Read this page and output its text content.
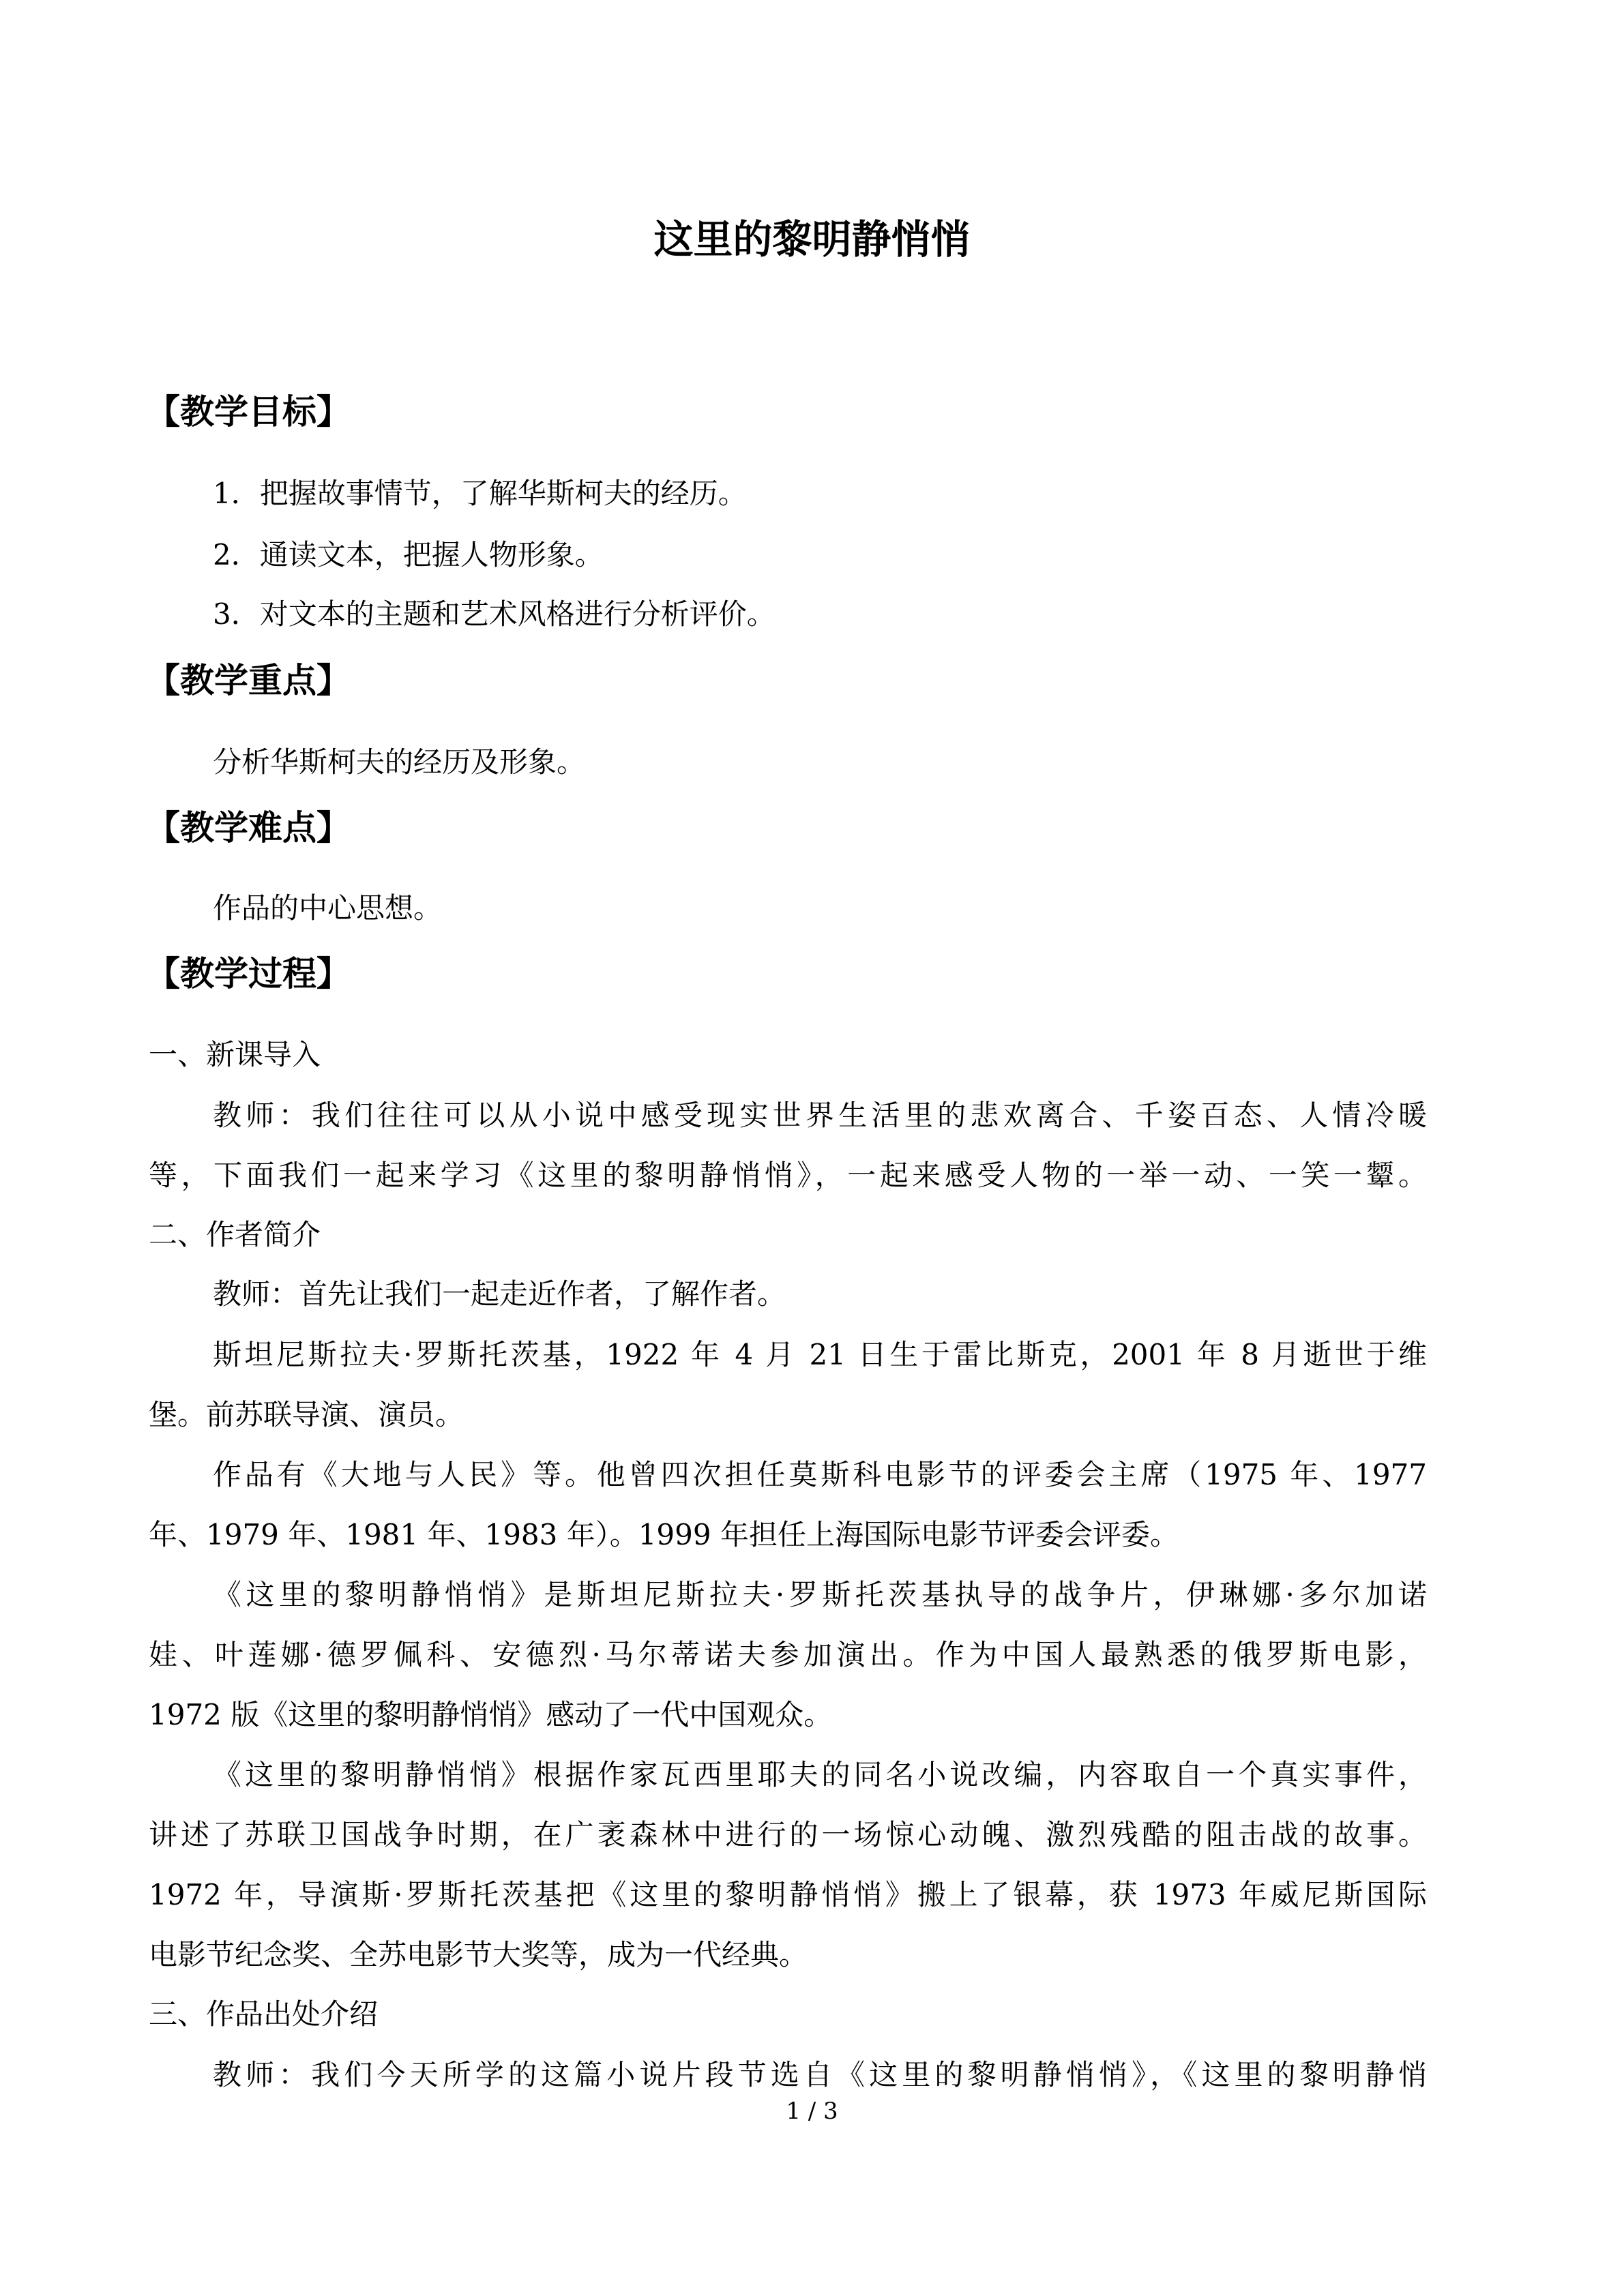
这里的黎明静悄悄
【教学目标】

1．把握故事情节，了解华斯柯夫的经历。

2．通读文本，把握人物形象。

3．对文本的主题和艺术风格进行分析评价。

【教学重点】

分析华斯柯夫的经历及形象。

【教学难点】

作品的中心思想。

【教学过程】

一、新课导入

教师：我们往往可以从小说中感受现实世界生活里的悲欢离合、千姿百态、人情冷暖

等，下面我们一起来学习《这里的黎明静悄悄》，一起来感受人物的一举一动、一笑一颦。

二、作者简介

教师：首先让我们一起走近作者，了解作者。

斯坦尼斯拉夫·罗斯托茨基，1922 年 4 月 21 日生于雷比斯克，2001 年 8 月逝世于维

堡。前苏联导演、演员。

作品有《大地与人民》等。他曾四次担任莫斯科电影节的评委会主席（1975 年、1977

年、1979 年、1981 年、1983 年）。1999 年担任上海国际电影节评委会评委。

《这里的黎明静悄悄》是斯坦尼斯拉夫·罗斯托茨基执导的战争片，伊琳娜·多尔加诺

娃、叶莲娜·德罗佩科、安德烈·马尔蒂诺夫参加演出。作为中国人最熟悉的俄罗斯电影，

1972 版《这里的黎明静悄悄》感动了一代中国观众。

《这里的黎明静悄悄》根据作家瓦西里耶夫的同名小说改编，内容取自一个真实事件，

讲述了苏联卫国战争时期，在广袤森林中进行的一场惊心动魄、激烈残酷的阻击战的故事。

1972 年，导演斯·罗斯托茨基把《这里的黎明静悄悄》搬上了银幕，获 1973 年威尼斯国际

电影节纪念奖、全苏电影节大奖等，成为一代经典。

三、作品出处介绍

教师：我们今天所学的这篇小说片段节选自《这里的黎明静悄悄》，《这里的黎明静悄

1 / 3
